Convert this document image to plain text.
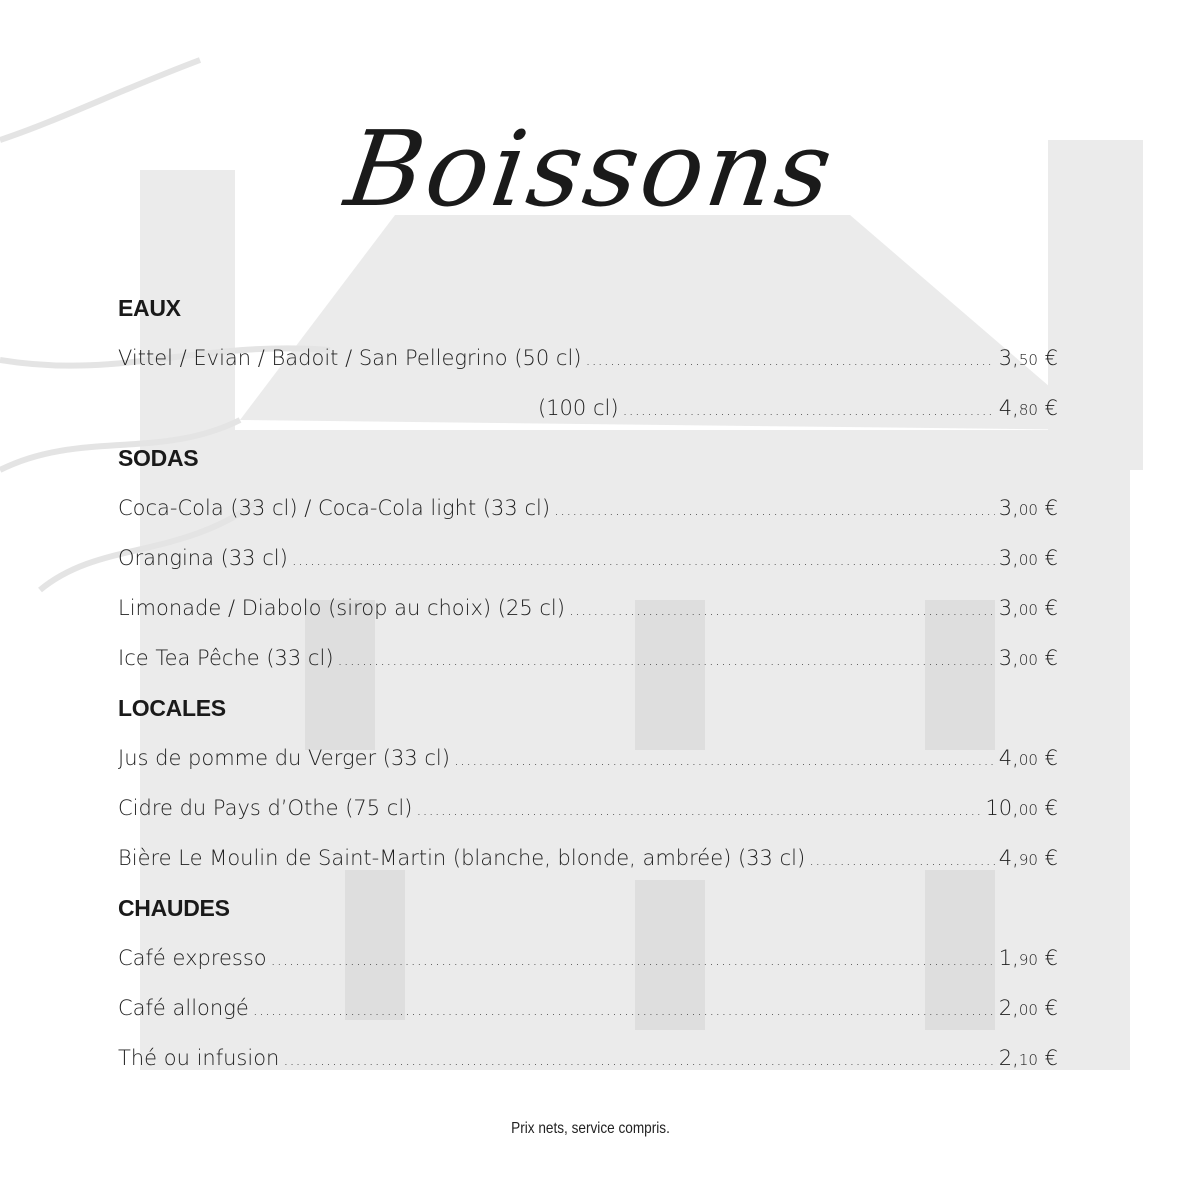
Boissons
EAUX
Vittel / Evian / Badoit / San Pellegrino (50 cl) .....	3,50 €
(100 cl) .....	4,80 €
SODAS
Coca-Cola (33 cl) / Coca-Cola light (33 cl) .....	3,00 €
Orangina (33 cl) .....	3,00 €
Limonade / Diabolo (sirop au choix) (25 cl) .....	3,00 €
Ice Tea Pêche (33 cl) .....	3,00 €
LOCALES
Jus de pomme du Verger (33 cl) .....	4,00 €
Cidre du Pays d’Othe (75 cl) .....	10,00 €
Bière Le Moulin de Saint-Martin (blanche, blonde, ambrée) (33 cl) .....	4,90 €
CHAUDES
Café expresso .....	1,90 €
Café allongé .....	2,00 €
Thé ou infusion .....	2,10 €
Prix nets, service compris.
